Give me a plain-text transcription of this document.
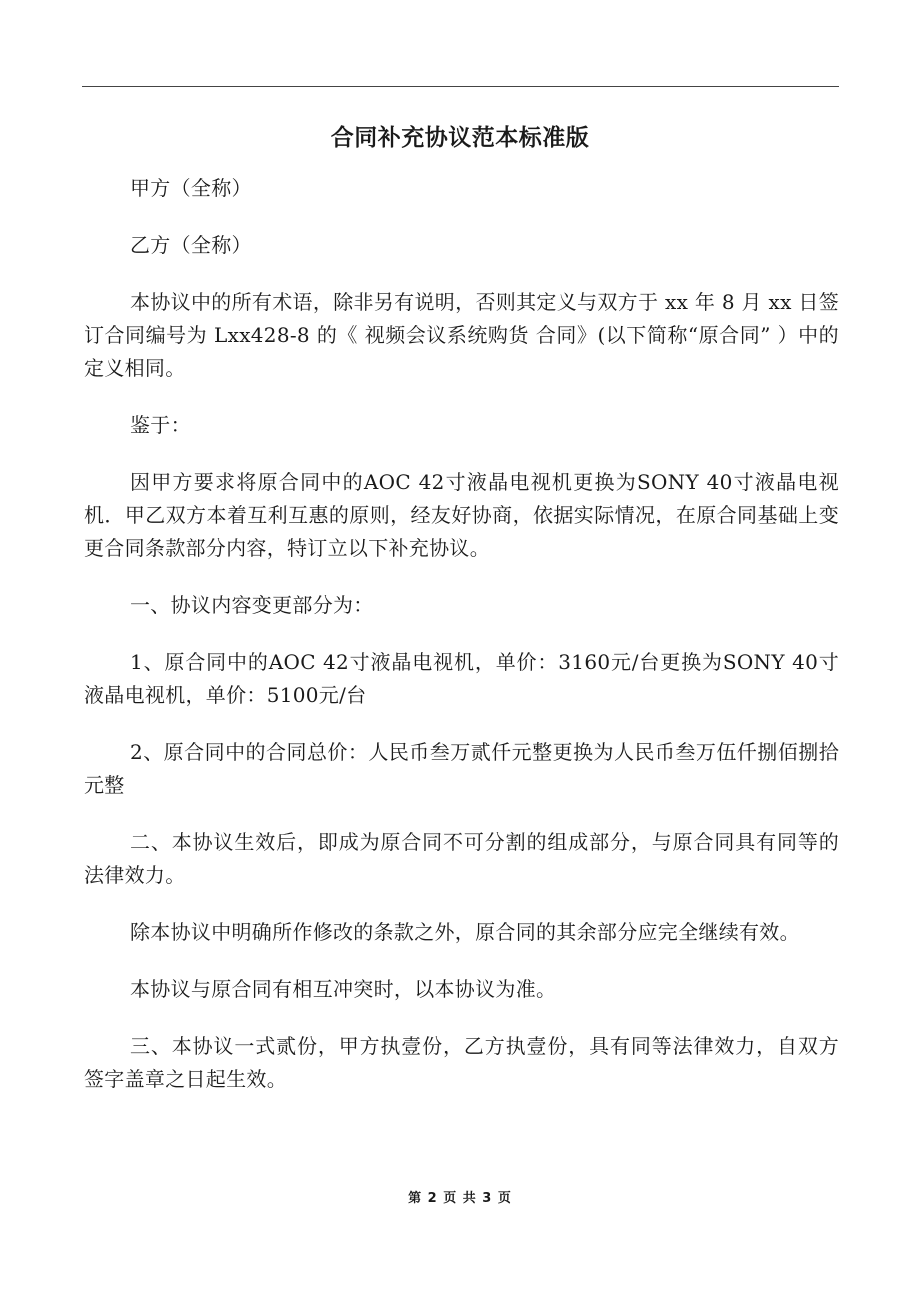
合同补充协议范本标准版

甲方（全称）

乙方（全称）

本协议中的所有术语，除非另有说明，否则其定义与双方于 xx 年 8 月 xx 日签订合同编号为 Lxx428-8 的《 视频会议系统购货 合同》(以下简称“原合同” ）中的定义相同。

鉴于：

因甲方要求将原合同中的AOC 42寸液晶电视机更换为SONY 40寸液晶电视机．甲乙双方本着互利互惠的原则，经友好协商，依据实际情况，在原合同基础上变更合同条款部分内容，特订立以下补充协议。

一、协议内容变更部分为：

1、原合同中的AOC 42寸液晶电视机，单价：3160元/台更换为SONY 40寸液晶电视机，单价：5100元/台

2、原合同中的合同总价：人民币叁万贰仟元整更换为人民币叁万伍仟捌佰捌拾元整

二、本协议生效后，即成为原合同不可分割的组成部分，与原合同具有同等的法律效力。

除本协议中明确所作修改的条款之外，原合同的其余部分应完全继续有效。

本协议与原合同有相互冲突时，以本协议为准。

三、本协议一式贰份，甲方执壹份，乙方执壹份，具有同等法律效力，自双方签字盖章之日起生效。

第 2 页 共 3 页
